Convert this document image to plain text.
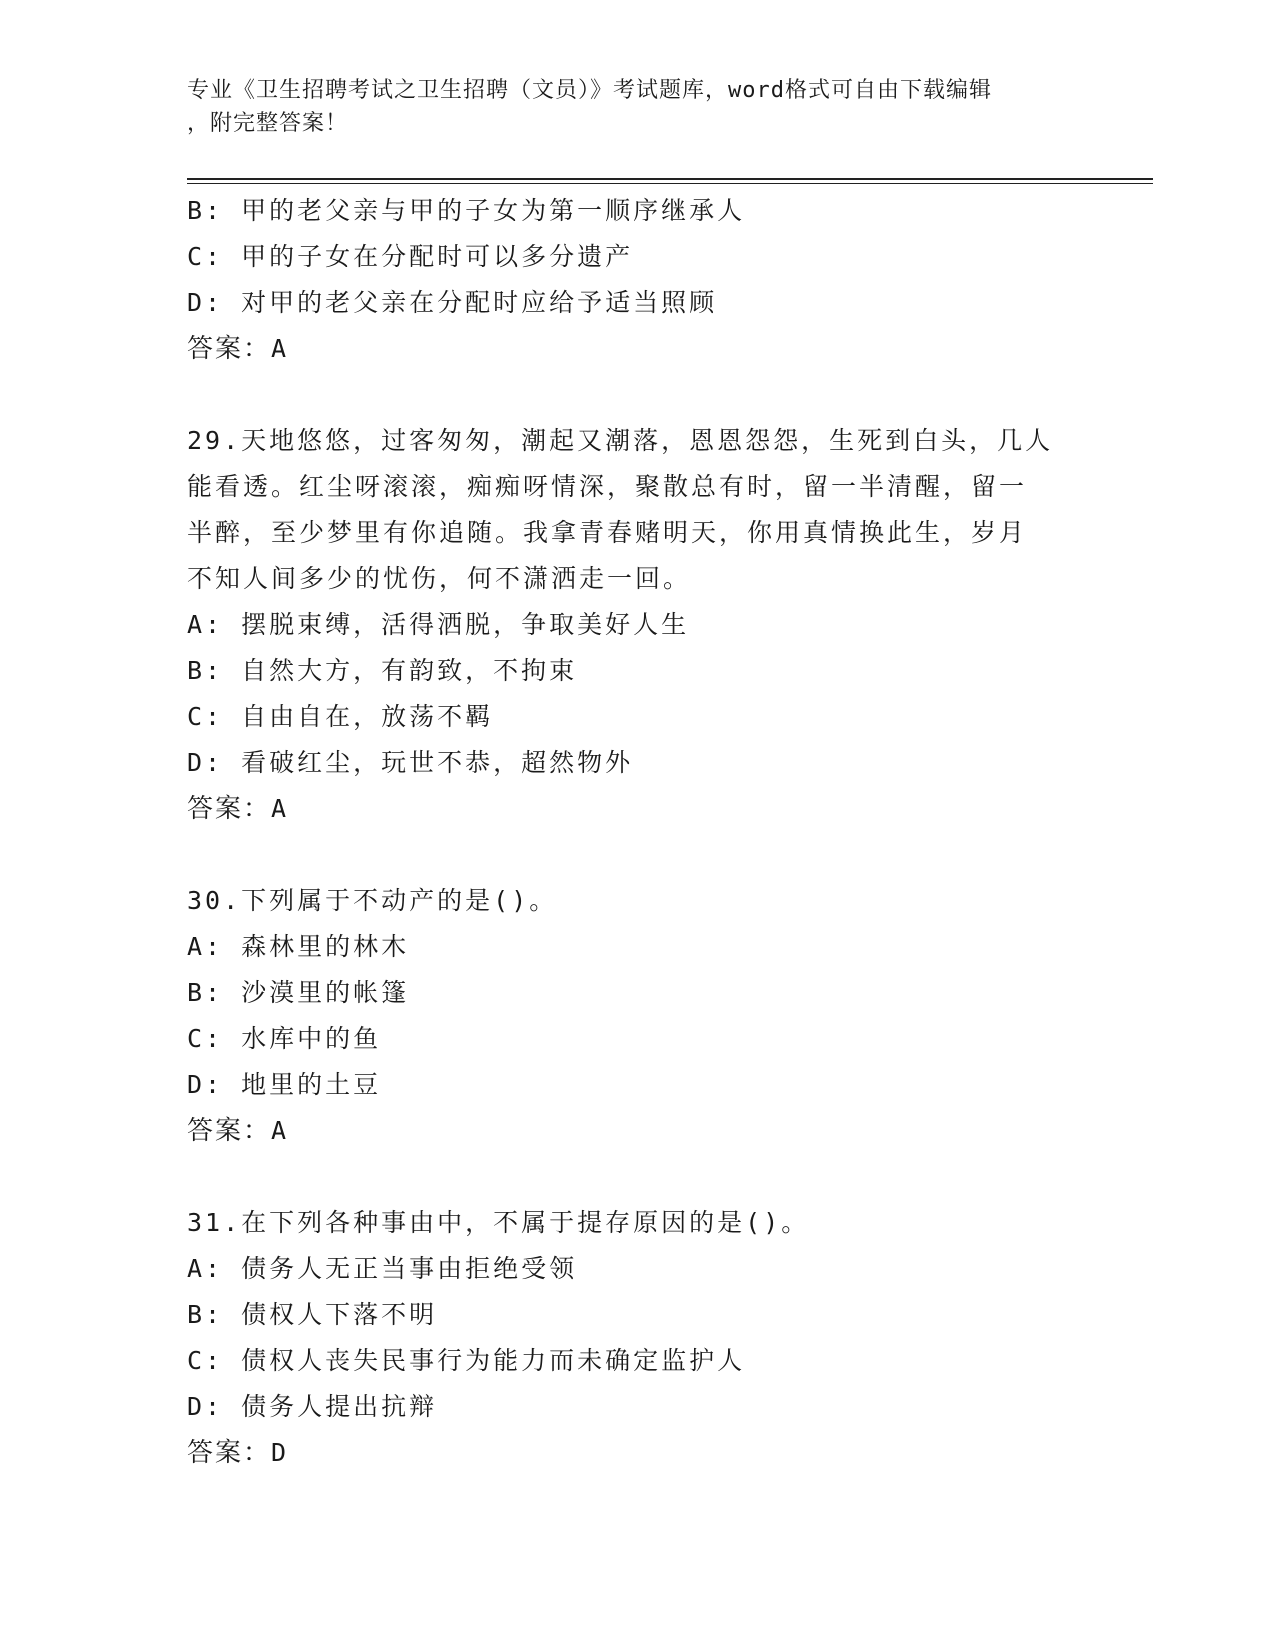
专业《卫生招聘考试之卫生招聘（文员）》考试题库，word格式可自由下载编辑
，附完整答案！
B: 甲的老父亲与甲的子女为第一顺序继承人
C: 甲的子女在分配时可以多分遗产
D: 对甲的老父亲在分配时应给予适当照顾
答案：A
29.天地悠悠，过客匆匆，潮起又潮落，恩恩怨怨，生死到白头，几人
能看透。红尘呀滚滚，痴痴呀情深，聚散总有时，留一半清醒，留一
半醉，至少梦里有你追随。我拿青春赌明天，你用真情换此生，岁月
不知人间多少的忧伤，何不潇洒走一回。
A: 摆脱束缚，活得洒脱，争取美好人生
B: 自然大方，有韵致，不拘束
C: 自由自在，放荡不羁
D: 看破红尘，玩世不恭，超然物外
答案：A
30.下列属于不动产的是()。
A: 森林里的林木
B: 沙漠里的帐篷
C: 水库中的鱼
D: 地里的土豆
答案：A
31.在下列各种事由中，不属于提存原因的是()。
A: 债务人无正当事由拒绝受领
B: 债权人下落不明
C: 债权人丧失民事行为能力而未确定监护人
D: 债务人提出抗辩
答案：D
